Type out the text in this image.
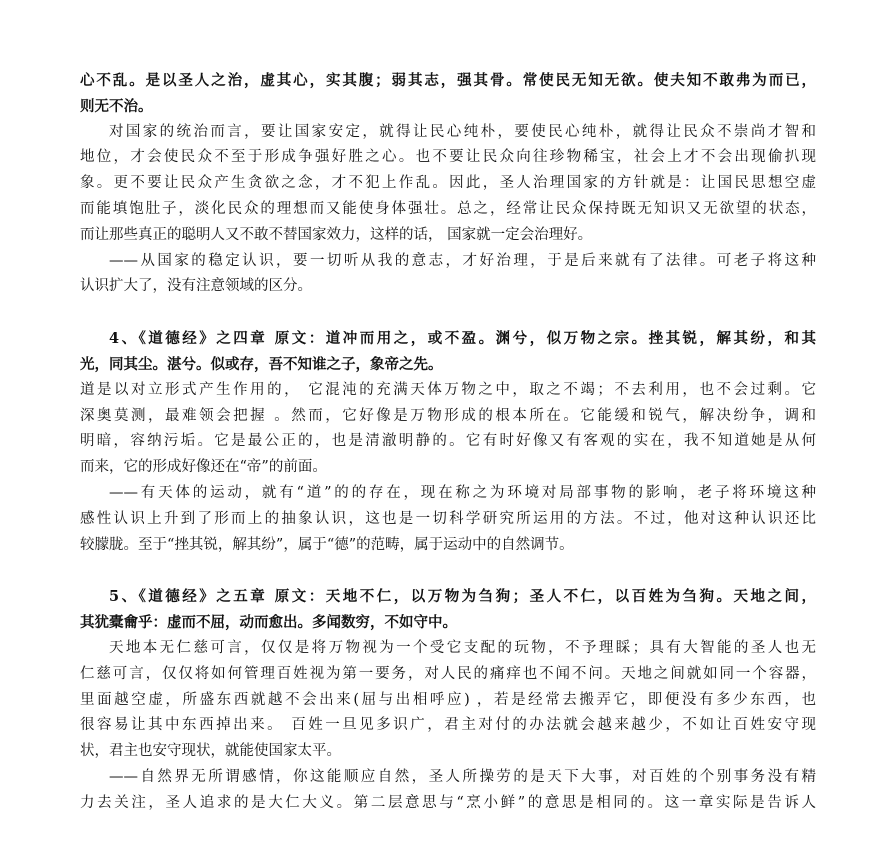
心不乱。是以圣人之治，虚其心，实其腹；弱其志，强其骨。常使民无知无欲。使夫知不敢弗为而已，
则无不治。
对国家的统治而言，要让国家安定，就得让民心纯朴，要使民心纯朴，就得让民众不崇尚才智和
地位，才会使民众不至于形成争强好胜之心。也不要让民众向往珍物稀宝，社会上才不会出现偷扒现
象。更不要让民众产生贪欲之念，才不犯上作乱。因此，圣人治理国家的方针就是：让国民思想空虚
而能填饱肚子，淡化民众的理想而又能使身体强壮。总之，经常让民众保持既无知识又无欲望的状态，
而让那些真正的聪明人又不敢不替国家效力，这样的话， 国家就一定会治理好。
——从国家的稳定认识，要一切听从我的意志，才好治理，于是后来就有了法律。可老子将这种
认识扩大了，没有注意领域的区分。
4、《道德经》之四章 原文：道冲而用之，或不盈。渊兮，似万物之宗。挫其锐，解其纷，和其
光，同其尘。湛兮。似或存，吾不知谁之子，象帝之先。
道是以对立形式产生作用的， 它混沌的充满天体万物之中，取之不竭；不去利用，也不会过剩。它
深奥莫测，最难领会把握 。然而，它好像是万物形成的根本所在。它能缓和锐气，解决纷争，调和
明暗，容纳污垢。它是最公正的，也是清澈明静的。它有时好像又有客观的实在，我不知道她是从何
而来，它的形成好像还在“帝”的前面。
——有天体的运动，就有“道”的的存在，现在称之为环境对局部事物的影响，老子将环境这种
感性认识上升到了形而上的抽象认识，这也是一切科学研究所运用的方法。不过，他对这种认识还比
较朦胧。至于“挫其锐，解其纷”，属于“德”的范畴，属于运动中的自然调节。
5、《道德经》之五章 原文：天地不仁，以万物为刍狗；圣人不仁，以百姓为刍狗。天地之间，
其犹橐龠乎：虚而不屈，动而愈出。多闻数穷，不如守中。
天地本无仁慈可言，仅仅是将万物视为一个受它支配的玩物，不予理睬；具有大智能的圣人也无
仁慈可言，仅仅将如何管理百姓视为第一要务，对人民的痛痒也不闻不问。天地之间就如同一个容器，
里面越空虚，所盛东西就越不会出来(屈与出相呼应) ，若是经常去搬弄它，即便没有多少东西，也
很容易让其中东西掉出来。 百姓一旦见多识广，君主对付的办法就会越来越少，不如让百姓安守现
状，君主也安守现状，就能使国家太平。
——自然界无所谓感情，你这能顺应自然，圣人所操劳的是天下大事，对百姓的个别事务没有精
力去关注，圣人追求的是大仁大义。第二层意思与“烹小鲜”的意思是相同的。这一章实际是告诉人
